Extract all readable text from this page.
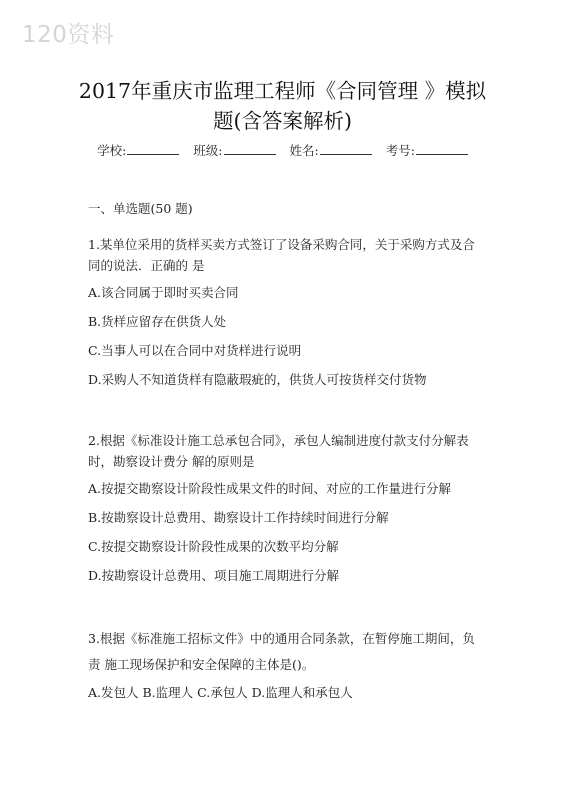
120资料
2017年重庆市监理工程师《合同管理 》模拟题(含答案解析)
学校:	班级:	姓名:	考号:
一、单选题(50 题)
1.某单位采用的货样买卖方式签订了设备采购合同，关于采购方式及合同的说法．正确的 是
A.该合同属于即时买卖合同
B.货样应留存在供货人处
C.当事人可以在合同中对货样进行说明
D.采购人不知道货样有隐蔽瑕疵的，供货人可按货样交付货物
2.根据《标准设计施工总承包合同》，承包人编制进度付款支付分解表时，勘察设计费分 解的原则是
A.按提交勘察设计阶段性成果文件的时间、对应的工作量进行分解
B.按勘察设计总费用、勘察设计工作持续时间进行分解
C.按提交勘察设计阶段性成果的次数平均分解
D.按勘察设计总费用、项目施工周期进行分解
3.根据《标准施工招标文件》中的通用合同条款，在暂停施工期间，负责 施工现场保护和安全保障的主体是()。
A.发包人 B.监理人 C.承包人 D.监理人和承包人
